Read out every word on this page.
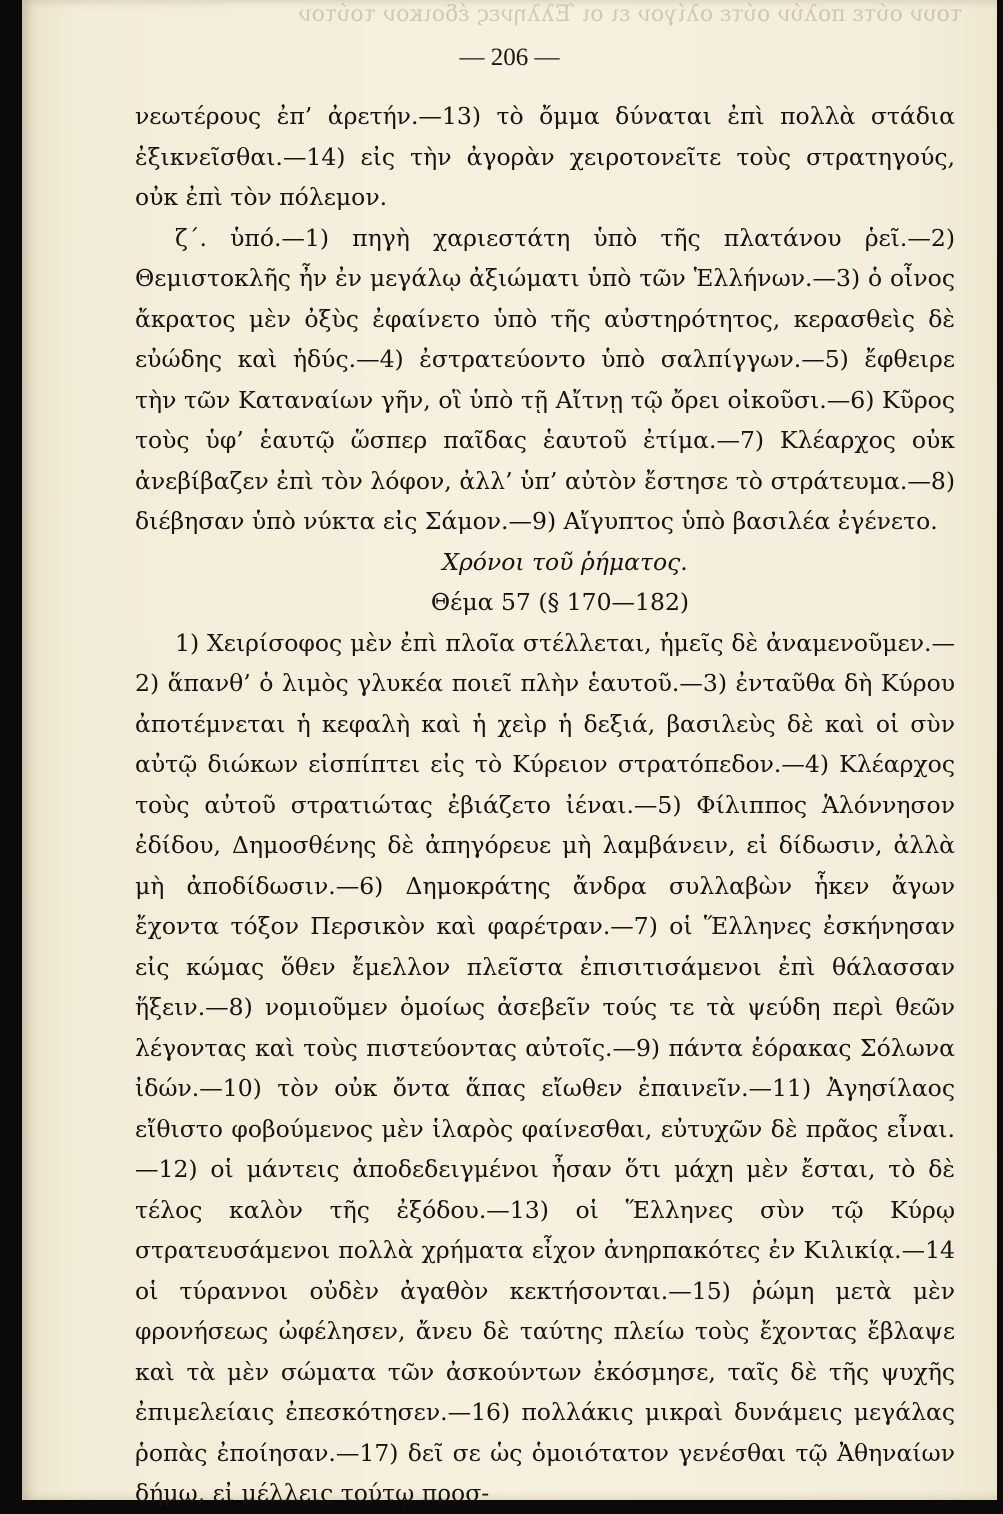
τουν ούτε πολύν ούτε ολίγον ει οι Έλληνες έδοικον τούτον
— 206 —

νεωτέρους ἐπ’ ἀρετήν.—13) τὸ ὄμμα δύναται ἐπὶ πολλὰ στάδια ἐξικνεῖσθαι.—14) εἰς τὴν ἀγορὰν χειροτονεῖτε τοὺς στρατηγούς, οὐκ ἐπὶ τὸν πόλεμον.

ζ΄. ὑπό.—1) πηγὴ χαριεστάτη ὑπὸ τῆς πλατάνου ῥεῖ.—2) Θεμιστοκλῆς ἦν ἐν μεγάλῳ ἀξιώματι ὑπὸ τῶν Ἑλλήνων.—3) ὁ οἶνος ἄκρατος μὲν ὀξὺς ἐφαίνετο ὑπὸ τῆς αὐστηρότητος, κερασθεὶς δὲ εὐώδης καὶ ἡδύς.—4) ἐστρατεύοντο ὑπὸ σαλπίγγων.—5) ἔφθειρε τὴν τῶν Καταναίων γῆν, οἳ ὑπὸ τῇ Αἴτνῃ τῷ ὄρει οἰκοῦσι.—6) Κῦρος τοὺς ὑφ’ ἑαυτῷ ὥσπερ παῖδας ἑαυτοῦ ἐτίμα.—7) Κλέαρχος οὐκ ἀνεβίβαζεν ἐπὶ τὸν λόφον, ἀλλ’ ὑπ’ αὐτὸν ἔστησε τὸ στράτευμα.—8) διέβησαν ὑπὸ νύκτα εἰς Σάμον.—9) Αἴγυπτος ὑπὸ βασιλέα ἐγένετο.

Χρόνοι τοῦ ῥήματος.

Θέμα 57 (§ 170—182)

1) Χειρίσοφος μὲν ἐπὶ πλοῖα στέλλεται, ἡμεῖς δὲ ἀναμενοῦμεν.—2) ἅπανθ’ ὁ λιμὸς γλυκέα ποιεῖ πλὴν ἑαυτοῦ.—3) ἐνταῦθα δὴ Κύρου ἀποτέμνεται ἡ κεφαλὴ καὶ ἡ χεὶρ ἡ δεξιά, βασιλεὺς δὲ καὶ οἱ σὺν αὐτῷ διώκων εἰσπίπτει εἰς τὸ Κύρειον στρατόπεδον.—4) Κλέαρχος τοὺς αὐτοῦ στρατιώτας ἐβιάζετο ἰέναι.—5) Φίλιππος Ἁλόννησον ἐδίδου, Δημοσθένης δὲ ἀπηγόρευε μὴ λαμβάνειν, εἰ δίδωσιν, ἀλλὰ μὴ ἀποδίδωσιν.—6) Δημοκράτης ἄνδρα συλλαβὼν ἧκεν ἄγων ἔχοντα τόξον Περσικὸν καὶ φαρέτραν.—7) οἱ Ἕλληνες ἐσκήνησαν εἰς κώμας ὅθεν ἔμελλον πλεῖστα ἐπισιτισάμενοι ἐπὶ θάλασσαν ἥξειν.—8) νομιοῦμεν ὁμοίως ἀσεβεῖν τούς τε τὰ ψεύδη περὶ θεῶν λέγοντας καὶ τοὺς πιστεύοντας αὐτοῖς.—9) πάντα ἑόρακας Σόλωνα ἰδών.—10) τὸν οὐκ ὄντα ἅπας εἴωθεν ἐπαινεῖν.—11) Ἀγησίλαος εἴθιστο φοβούμενος μὲν ἱλαρὸς φαίνεσθαι, εὐτυχῶν δὲ πρᾶος εἶναι.—12) οἱ μάντεις ἀποδεδειγμένοι ἦσαν ὅτι μάχη μὲν ἔσται, τὸ δὲ τέλος καλὸν τῆς ἐξόδου.—13) οἱ Ἕλληνες σὺν τῷ Κύρῳ στρατευσάμενοι πολλὰ χρήματα εἶχον ἀνηρπακότες ἐν Κιλικίᾳ.—14 οἱ τύραννοι οὐδὲν ἀγαθὸν κεκτήσονται.—15) ῥώμη μετὰ μὲν φρονήσεως ὠφέλησεν, ἄνευ δὲ ταύτης πλείω τοὺς ἔχοντας ἔβλαψε καὶ τὰ μὲν σώματα τῶν ἀσκούντων ἐκόσμησε, ταῖς δὲ τῆς ψυχῆς ἐπιμελείαις ἐπεσκότησεν.—16) πολλάκις μικραὶ δυνάμεις μεγάλας ῥοπὰς ἐποίησαν.—17) δεῖ σε ὡς ὁμοιότατον γενέσθαι τῷ Ἀθηναίων δήμῳ, εἰ μέλλεις τούτῳ προσ-
